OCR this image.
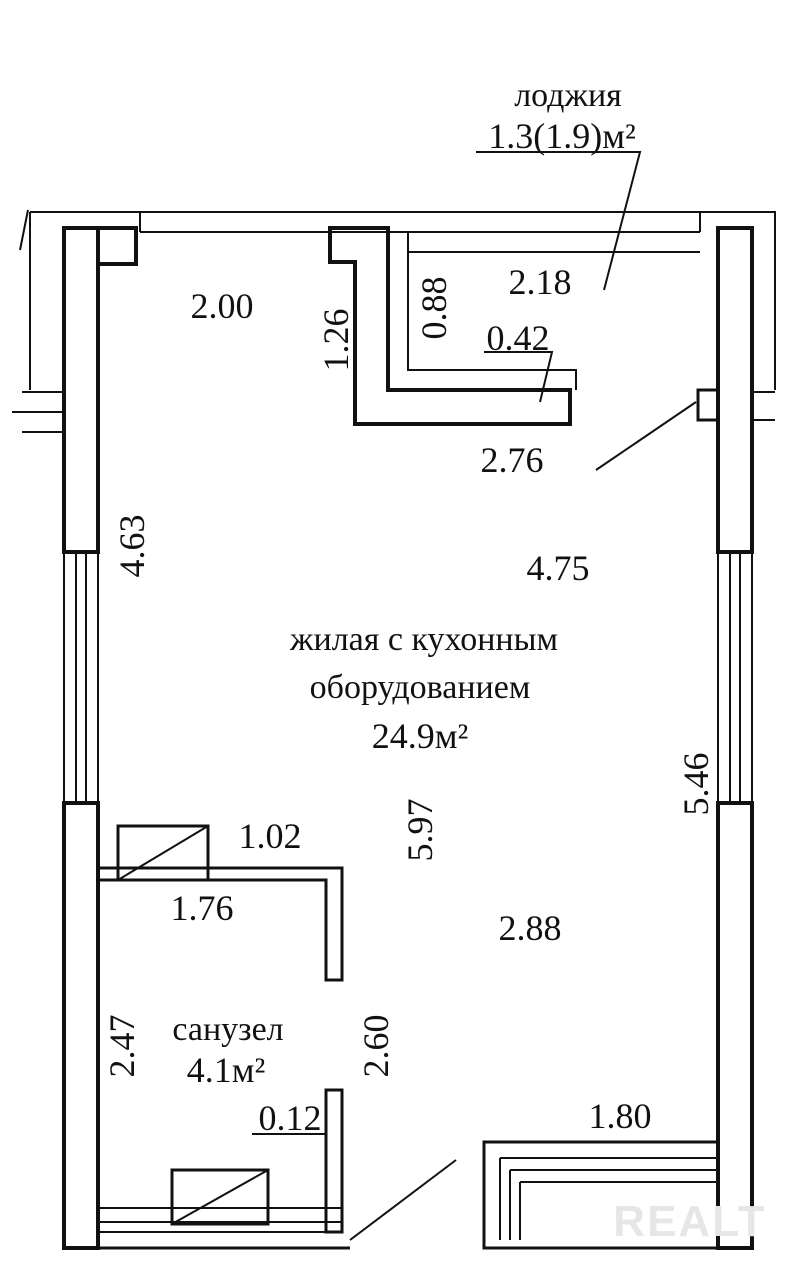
лоджия
1.3(1.9)м²
жилая с кухонным
оборудованием
24.9м²
санузел
4.1м²
2.00
2.18
0.42
2.76
4.75
1.02
1.76	2.88
0.12	1.80
1.26
0.88
4.63
5.46
5.97
2.47	2.60
REALT
